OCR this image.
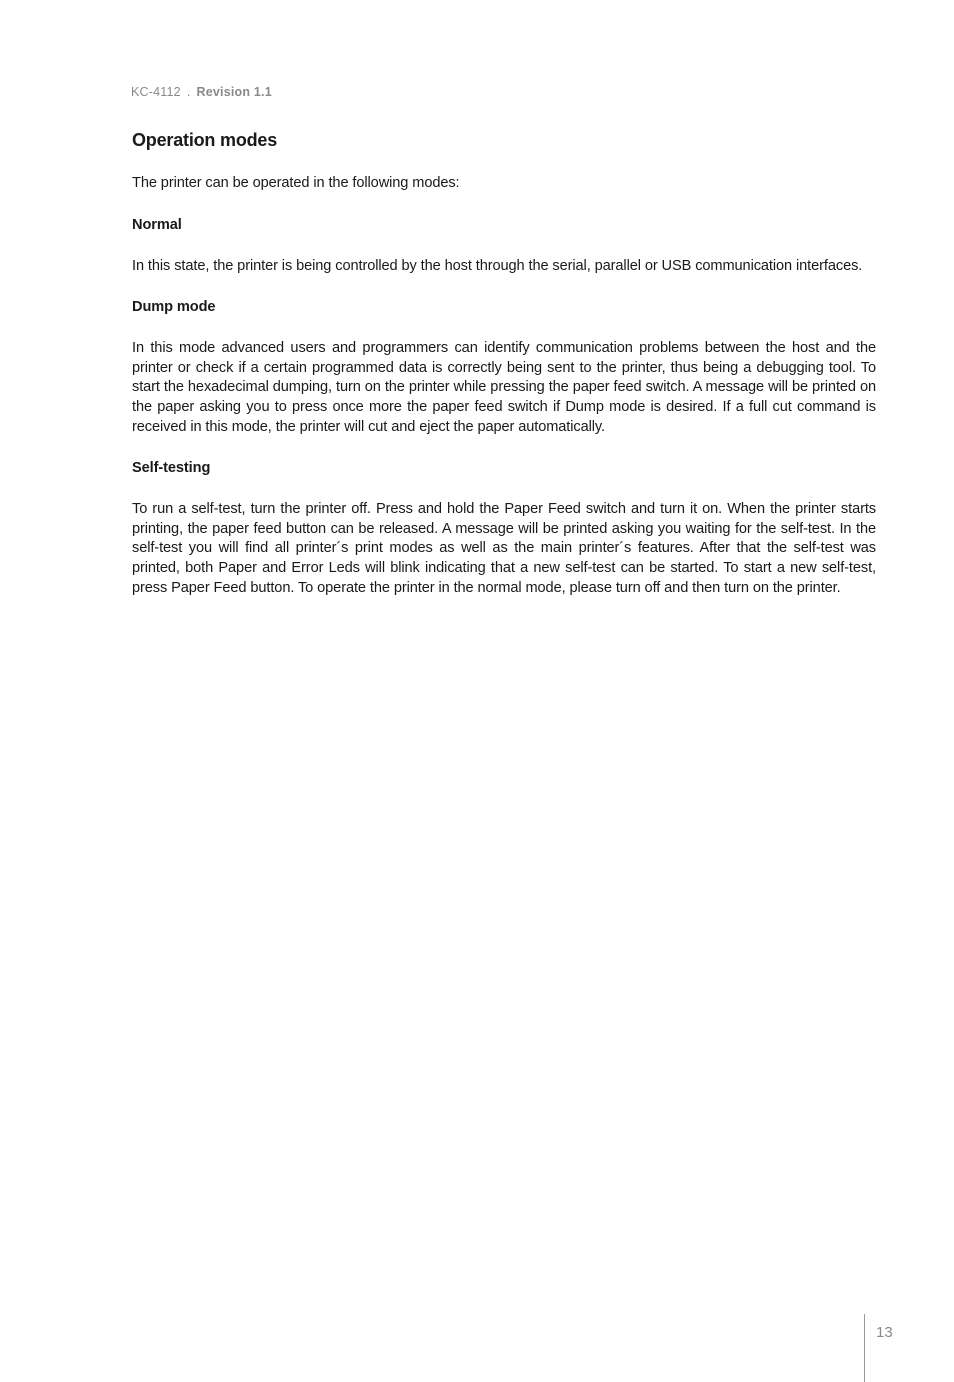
KC-4112 . Revision 1.1
Operation modes

The printer can be operated in the following modes:

Normal

In this state, the printer is being controlled by the host through the serial, parallel or USB communication interfaces.

Dump mode

In this mode advanced users and programmers can identify communication problems between the host and the printer or check if a certain programmed data is correctly being sent to the printer, thus being a debugging tool. To start the hexadecimal dumping, turn on the printer while pressing the paper feed switch. A message will be printed on the paper asking you to press once more the paper feed switch if Dump mode is desired. If a full cut command is received in this mode, the printer will cut and eject the paper automatically.

Self-testing

To run a self-test, turn the printer off. Press and hold the Paper Feed switch and turn it on. When the printer starts printing, the paper feed button can be released. A message will be printed asking you waiting for the self-test. In the self-test you will find all printer´s print modes as well as the main printer´s features. After that the self-test was printed, both Paper and Error Leds will blink indicating that a new self-test can be started. To start a new self-test, press Paper Feed button. To operate the printer in the normal mode, please turn off and then turn on the printer.

13
